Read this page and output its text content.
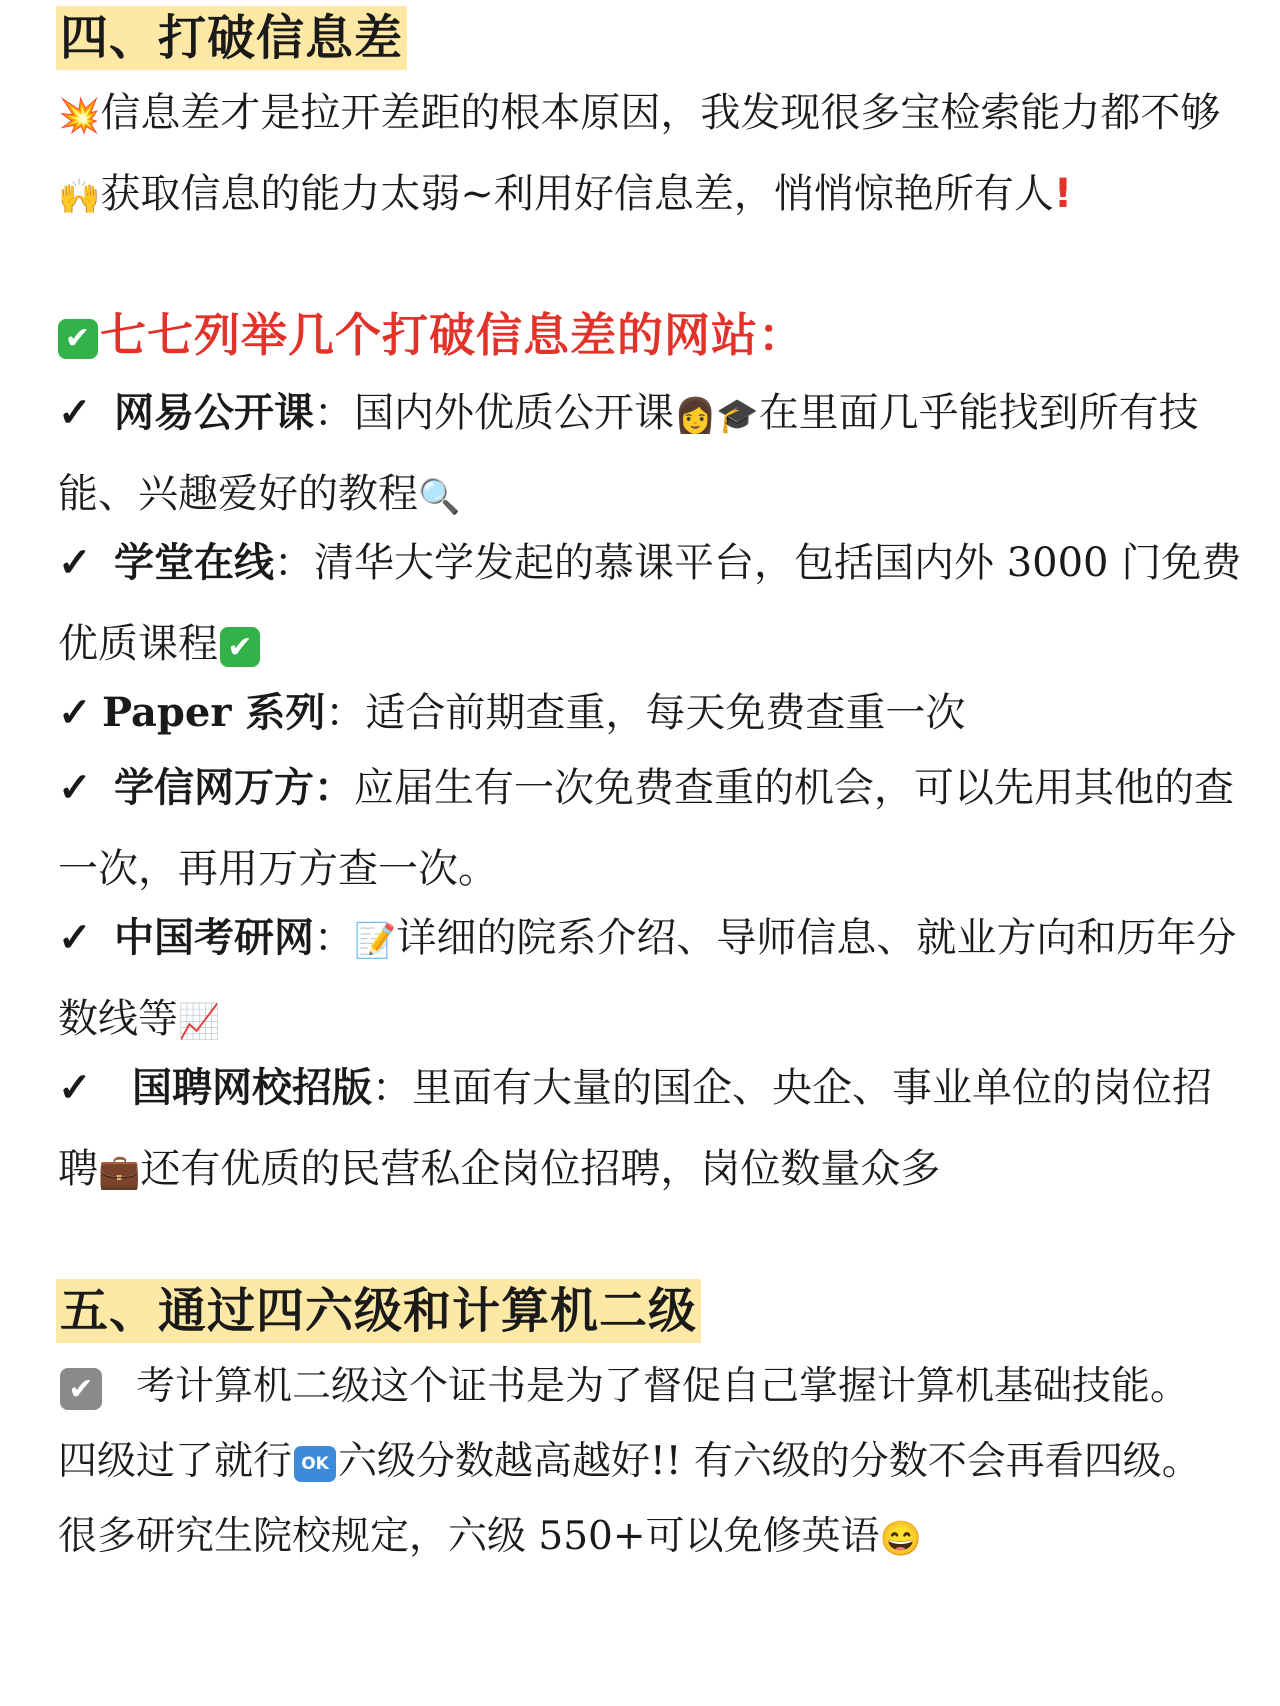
四、打破信息差
💥信息差才是拉开差距的根本原因，我发现很多宝检索能力都不够🙌获取信息的能力太弱~利用好信息差，悄悄惊艳所有人!
✔ 七七列举几个打破信息差的网站：
✓ 网易公开课：国内外优质公开课👩🎓在里面几乎能找到所有技能、兴趣爱好的教程🔍
✓ 学堂在线：清华大学发起的慕课平台，包括国内外 3000 门免费优质课程 ✔
✓ Paper 系列：适合前期查重，每天免费查重一次
✓ 学信网万方：应届生有一次免费查重的机会，可以先用其他的查一次，再用万方查一次。
✓ 中国考研网：📝详细的院系介绍、导师信息、就业方向和历年分数线等📈
✓ 国聘网校招版：里面有大量的国企、央企、事业单位的岗位招聘💼还有优质的民营私企岗位招聘，岗位数量众多
五、通过四六级和计算机二级
✔ 考计算机二级这个证书是为了督促自己掌握计算机基础技能。
四级过了就行 OK 六级分数越高越好!! 有六级的分数不会再看四级。
很多研究生院校规定，六级 550+可以免修英语😄
